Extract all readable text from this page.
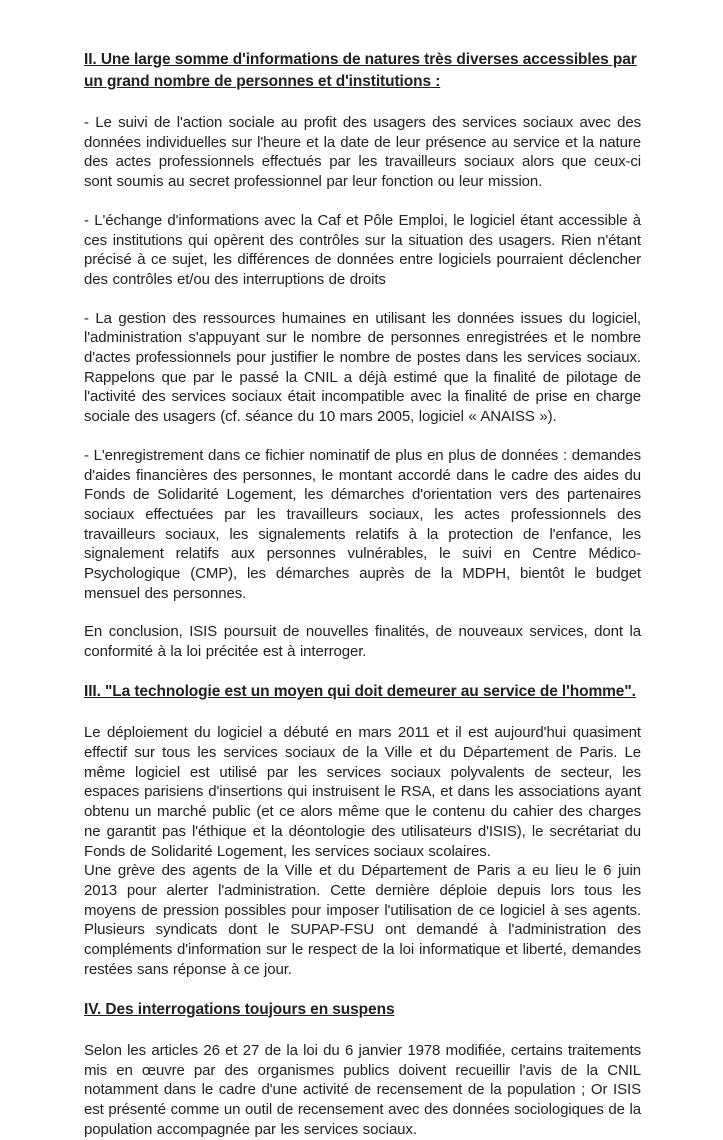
II. Une large somme d'informations de natures très diverses accessibles par un grand nombre de personnes et d'institutions :

- Le suivi de l'action sociale au profit des usagers des services sociaux avec des données individuelles sur l'heure et la date de leur présence au service et la nature des actes professionnels effectués par les travailleurs sociaux alors que ceux-ci sont soumis au secret professionnel par leur fonction ou leur mission.

- L'échange d'informations avec la Caf et Pôle Emploi, le logiciel étant accessible à ces institutions qui opèrent des contrôles sur la situation des usagers. Rien n'étant précisé à ce sujet, les différences de données entre logiciels pourraient déclencher des contrôles et/ou des interruptions de droits

- La gestion des ressources humaines en utilisant les données issues du logiciel, l'administration s'appuyant sur le nombre de personnes enregistrées et le nombre d'actes professionnels pour justifier le nombre de postes dans les services sociaux. Rappelons que par le passé la CNIL a déjà estimé que la finalité de pilotage de l'activité des services sociaux était incompatible avec la finalité de prise en charge sociale des usagers (cf. séance du 10 mars 2005, logiciel « ANAISS »).

- L'enregistrement dans ce fichier nominatif de plus en plus de données : demandes d'aides financières des personnes, le montant accordé dans le cadre des aides du Fonds de Solidarité Logement, les démarches d'orientation vers des partenaires sociaux effectuées par les travailleurs sociaux, les actes professionnels des travailleurs sociaux, les signalements relatifs à la protection de l'enfance, les signalement relatifs aux personnes vulnérables, le suivi en Centre Médico-Psychologique (CMP), les démarches auprès de la MDPH, bientôt le budget mensuel des personnes.

En conclusion, ISIS poursuit de nouvelles finalités, de nouveaux services, dont la conformité à la loi précitée est à interroger.

III. "La technologie est un moyen qui doit demeurer au service de l'homme".

Le déploiement du logiciel a débuté en mars 2011 et il est aujourd'hui quasiment effectif sur tous les services sociaux de la Ville et du Département de Paris. Le même logiciel est utilisé par les services sociaux polyvalents de secteur, les espaces parisiens d'insertions qui instruisent le RSA, et dans les associations ayant obtenu un marché public (et ce alors même que le contenu du cahier des charges ne garantit pas l'éthique et la déontologie des utilisateurs d'ISIS), le secrétariat du Fonds de Solidarité Logement, les services sociaux scolaires.

Une grève des agents de la Ville et du Département de Paris a eu lieu le 6 juin 2013 pour alerter l'administration. Cette dernière déploie depuis lors tous les moyens de pression possibles pour imposer l'utilisation de ce logiciel à ses agents. Plusieurs syndicats dont le SUPAP-FSU ont demandé à l'administration des compléments d'information sur le respect de la loi informatique et liberté, demandes restées sans réponse à ce jour.

IV. Des interrogations toujours en suspens

Selon les articles 26 et 27 de la loi du 6 janvier 1978 modifiée, certains traitements mis en œuvre par des organismes publics doivent recueillir l'avis de la CNIL notamment dans le cadre d'une activité de recensement de la population ; Or ISIS est présenté comme un outil de recensement avec des données sociologiques de la population accompagnée par les services sociaux.
